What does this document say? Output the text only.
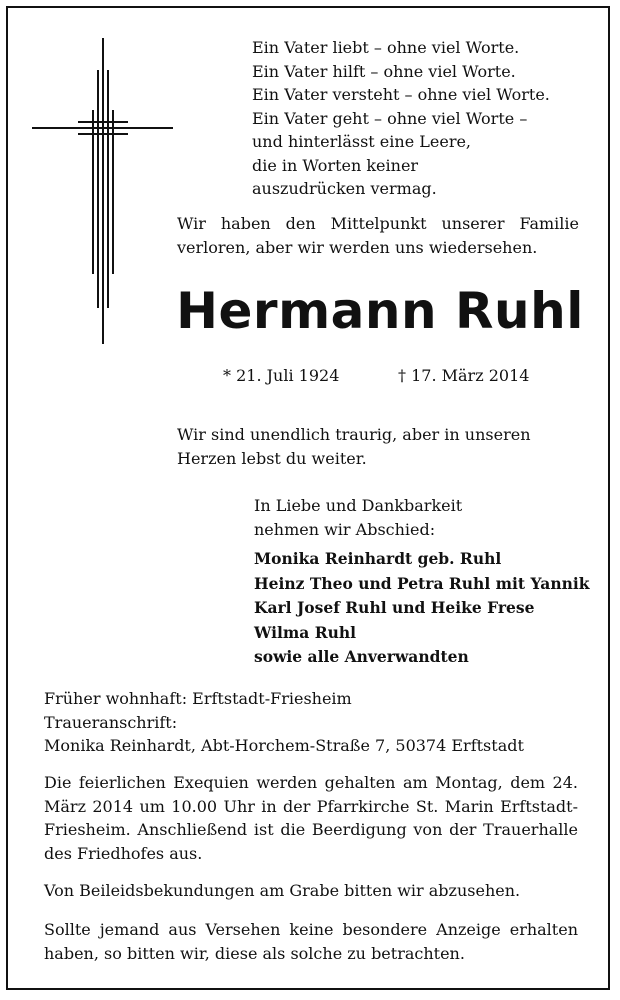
Ein Vater liebt – ohne viel Worte.
Ein Vater hilft – ohne viel Worte.
Ein Vater versteht – ohne viel Worte.
Ein Vater geht – ohne viel Worte –
und hinterlässt eine Leere,
die in Worten keiner
auszudrücken vermag.
Wir haben den Mittelpunkt unserer Familie verloren, aber wir werden uns wiedersehen.
Hermann Ruhl
* 21. Juli 1924	† 17. März 2014
Wir sind unendlich traurig, aber in unseren Herzen lebst du weiter.
In Liebe und Dankbarkeit
nehmen wir Abschied:
Monika Reinhardt geb. Ruhl
Heinz Theo und Petra Ruhl mit Yannik
Karl Josef Ruhl und Heike Frese
Wilma Ruhl
sowie alle Anverwandten
Früher wohnhaft: Erftstadt-Friesheim
Traueranschrift:
Monika Reinhardt, Abt-Horchem-Straße 7, 50374 Erftstadt
Die feierlichen Exequien werden gehalten am Montag, dem 24. März 2014 um 10.00 Uhr in der Pfarrkirche St. Marin Erftstadt-Friesheim. Anschließend ist die Beerdigung von der Trauerhalle des Friedhofes aus.
Von Beileidsbekundungen am Grabe bitten wir abzusehen.
Sollte jemand aus Versehen keine besondere Anzeige erhalten haben, so bitten wir, diese als solche zu betrachten.
